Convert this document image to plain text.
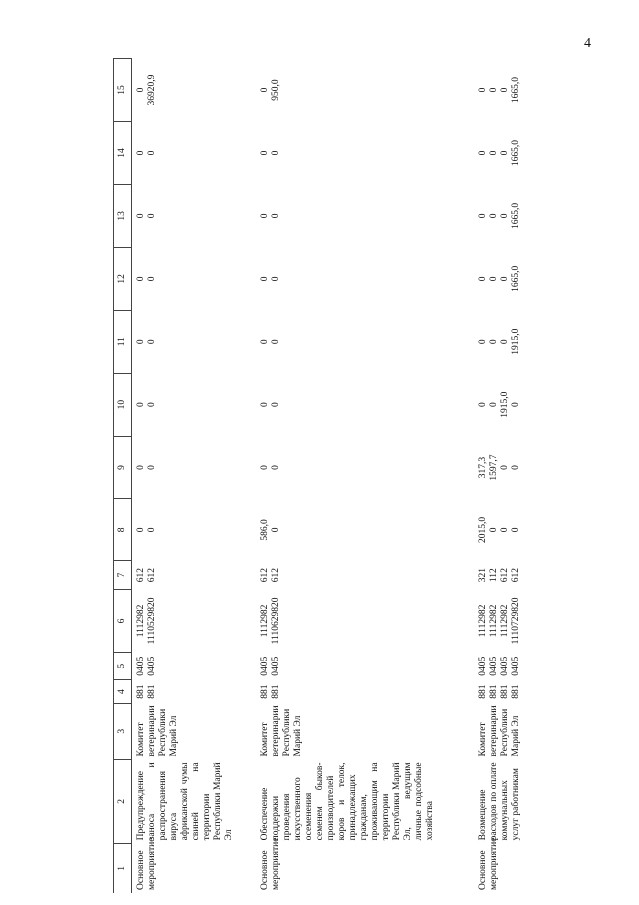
4
1	2	3	4	5	6	7	8	9	10	11	12	13	14	15
Основное мероприятие	Предупреждение заноса и распространения вируса африканской чумы свиней на территории Республики Марий Эл	Комитет ветеринарии Республики Марий Эл	881 881	0405 0405	1112982 1110529820	612 612	0 0	0 0	0 0	0 0	0 0	0 0	0 0	0 36920,9

Основное мероприятие	Обеспечение поддержки проведения искусственного осеменения семенем быков-производителей коров и телок, принадлежащих гражданам, проживающим на территории Республики Марий Эл, ведущим личные подсобные хозяйства	Комитет ветеринарии Республики Марий Эл	881 881	0405 0405	1112982 1110629820	612 612	586,0 0	0 0	0 0	0 0	0 0	0 0	0 0	0 950,0

Основное мероприятие	Возмещение расходов по оплате коммунальных услуг работникам	Комитет ветеринарии Республики Марий Эл	881 881 881 881	0405 0405 0405 0405	1112982 1112982 1112982 1110729820	321 112 612 612	2015,0 0 0 0	317,3 1597,7 0 0	0 0 1915,0 0	0 0 0 1915,0	0 0 0 1665,0	0 0 0 1665,0	0 0 0 1665,0	0 0 0 1665,0
